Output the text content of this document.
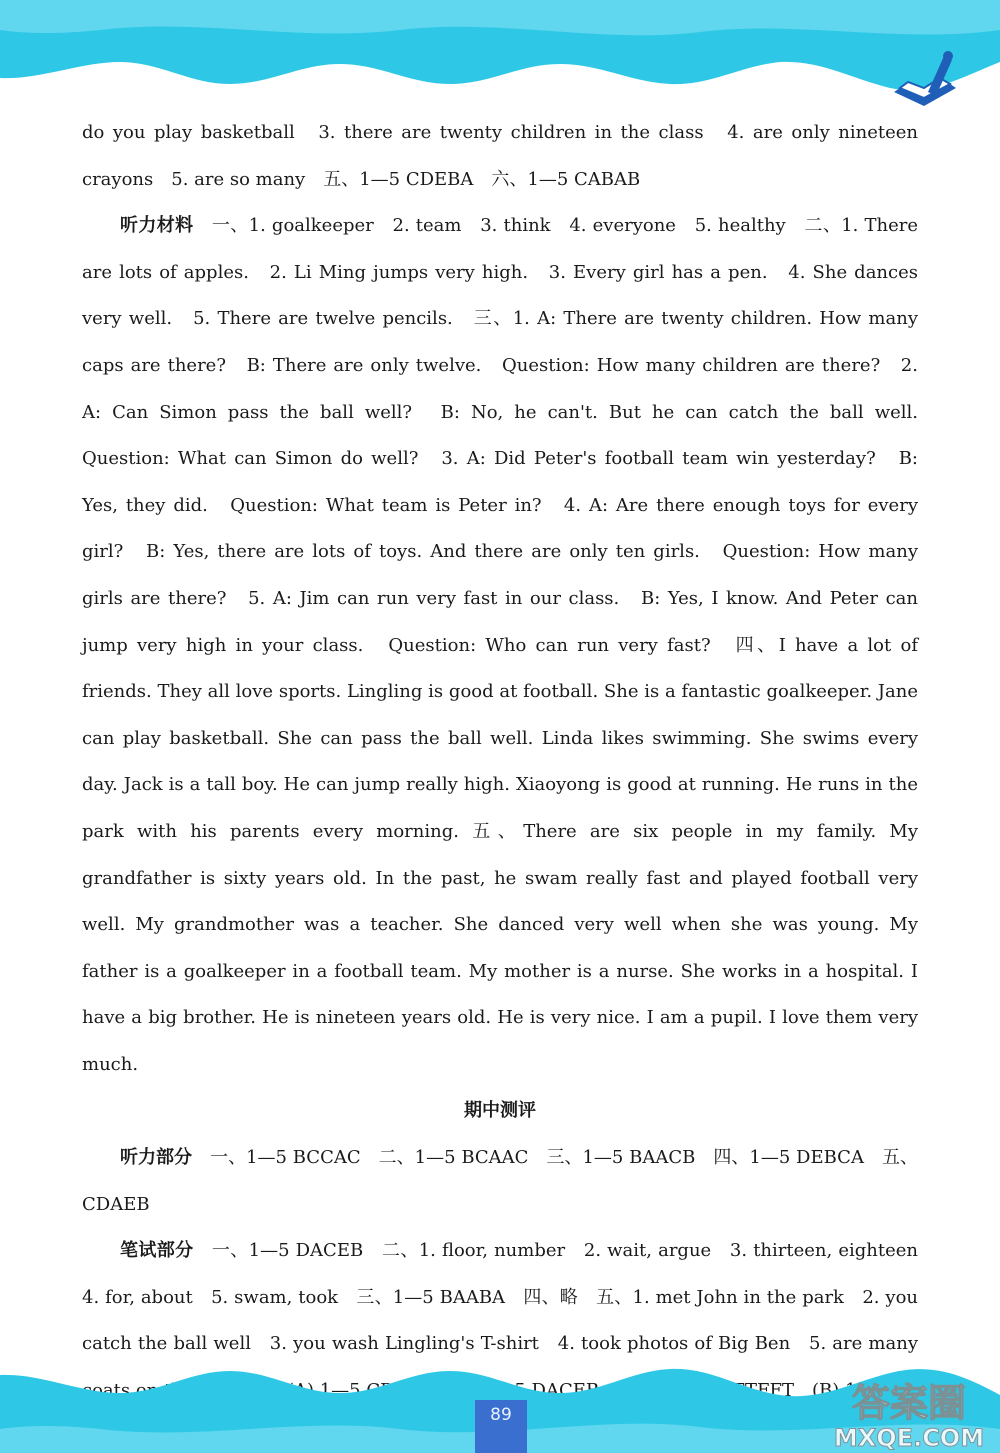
do you play basketball　3. there are twenty children in the class　4. are only nineteen crayons　5. are so many　五、1—5 CDEBA　六、1—5 CABAB

听力材料　一、1. goalkeeper　2. team　3. think　4. everyone　5. healthy　二、1. There are lots of apples.　2. Li Ming jumps very high.　3. Every girl has a pen.　4. She dances very well.　5. There are twelve pencils.　三、1. A: There are twenty children. How many caps are there?　B: There are only twelve.　Question: How many children are there?　2. A: Can Simon pass the ball well?　B: No, he can't. But he can catch the ball well.　Question: What can Simon do well?　3. A: Did Peter's football team win yesterday?　B: Yes, they did.　Question: What team is Peter in?　4. A: Are there enough toys for every girl?　B: Yes, there are lots of toys. And there are only ten girls.　Question: How many girls are there?　5. A: Jim can run very fast in our class.　B: Yes, I know. And Peter can jump very high in your class.　Question: Who can run very fast?　四、I have a lot of friends. They all love sports. Lingling is good at football. She is a fantastic goalkeeper. Jane can play basketball. She can pass the ball well. Linda likes swimming. She swims every day. Jack is a tall boy. He can jump really high. Xiaoyong is good at running. He runs in the park with his parents every morning. 五、There are six people in my family. My grandfather is sixty years old. In the past, he swam really fast and played football very well. My grandmother was a teacher. She danced very well when she was young. My father is a goalkeeper in a football team. My mother is a nurse. She works in a hospital. I have a big brother. He is nineteen years old. He is very nice. I am a pupil. I love them very much.

期中测评

听力部分　一、1—5 BCCAC　二、1—5 BCAAC　三、1—5 BAACB　四、1—5 DEBCA　五、CDAEB

笔试部分　一、1—5 DACEB　二、1. floor, number　2. wait, argue　3. thirteen, eighteen　4. for, about　5. swam, took　三、1—5 BAABA　四、略　五、1. met John in the park　2. you catch the ball well　3. you wash Lingling's T-shirt　4. took photos of Big Ben　5. are many coats 　 1—5 　 DACEB　 FTFFT　(B)

89	答案圈
MXQE.COM
